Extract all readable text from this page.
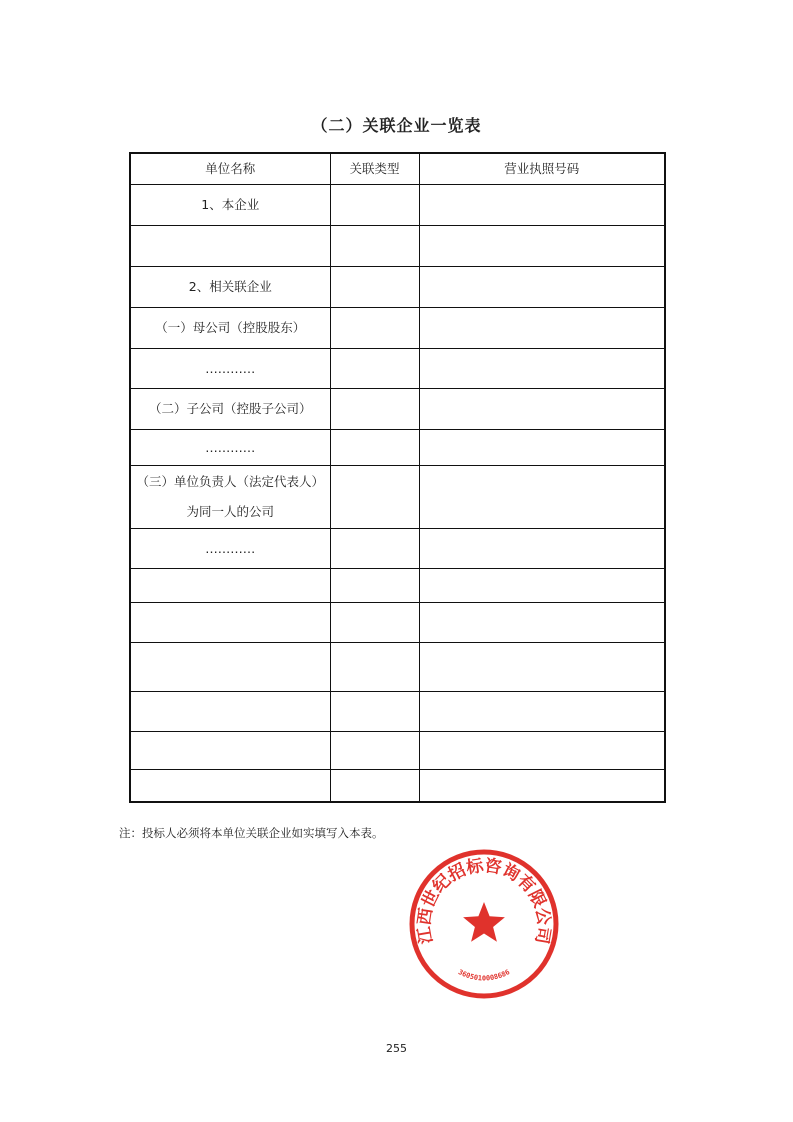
（二）关联企业一览表
单位名称	关联类型	营业执照号码
1、本企业		

2、相关联企业		
（一）母公司（控股股东）		
…………		
（二）子公司（控股子公司）		
…………		
（三）单位负责人（法定代表人）为同一人的公司		
…………		

注：投标人必须将本单位关联企业如实填写入本表。
江西世纪招标咨询有限公司
3605010008686
255
